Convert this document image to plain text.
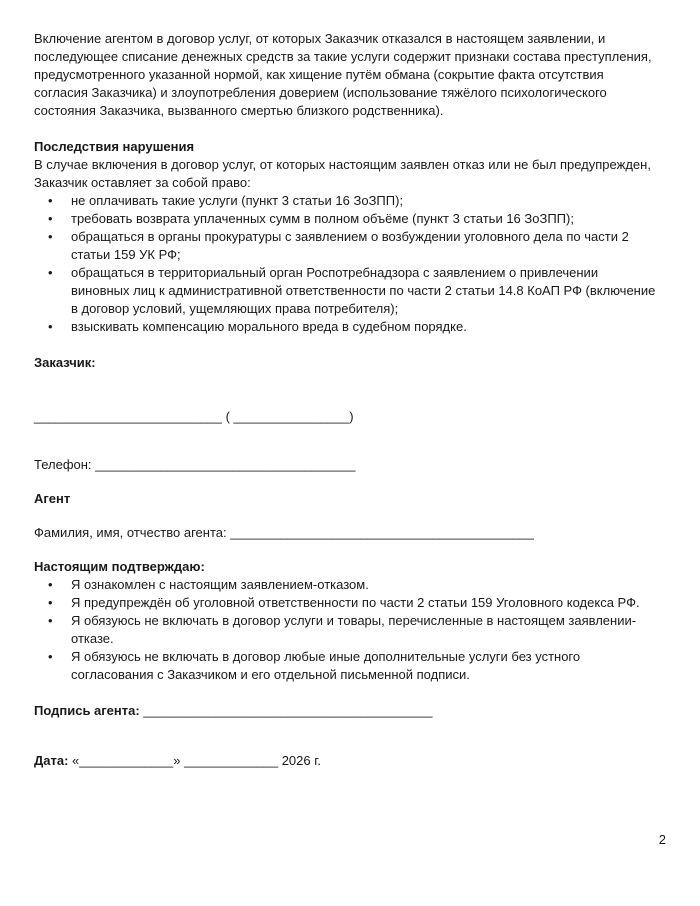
Включение агентом в договор услуг, от которых Заказчик отказался в настоящем заявлении, и

последующее списание денежных средств за такие услуги содержит признаки состава преступления,

предусмотренного указанной нормой, как хищение путём обмана (сокрытие факта отсутствия

согласия Заказчика) и злоупотребления доверием (использование тяжёлого психологического

состояния Заказчика, вызванного смертью близкого родственника).

Последствия нарушения

В случае включения в договор услуг, от которых настоящим заявлен отказ или не был предупрежден,

Заказчик оставляет за собой право:

• не оплачивать такие услуги (пункт 3 статьи 16 ЗоЗПП);
• требовать возврата уплаченных сумм в полном объёме (пункт 3 статьи 16 ЗоЗПП);
• обращаться в органы прокуратуры с заявлением о возбуждении уголовного дела по части 2
статьи 159 УК РФ;
• обращаться в территориальный орган Роспотребнадзора с заявлением о привлечении
виновных лиц к административной ответственности по части 2 статьи 14.8 КоАП РФ (включение
в договор условий, ущемляющих права потребителя);
• взыскивать компенсацию морального вреда в судебном порядке.

Заказчик:

__________________________ ( ________________)

Телефон: ____________________________________

Агент

Фамилия, имя, отчество агента: __________________________________________

Настоящим подтверждаю:

• Я ознакомлен с настоящим заявлением-отказом.
• Я предупреждён об уголовной ответственности по части 2 статьи 159 Уголовного кодекса РФ.
• Я обязуюсь не включать в договор услуги и товары, перечисленные в настоящем заявлении-
отказе.
• Я обязуюсь не включать в договор любые иные дополнительные услуги без устного
согласования с Заказчиком и его отдельной письменной подписи.

Подпись агента: ________________________________________

Дата: «_____________» _____________ 2026 г.

2
